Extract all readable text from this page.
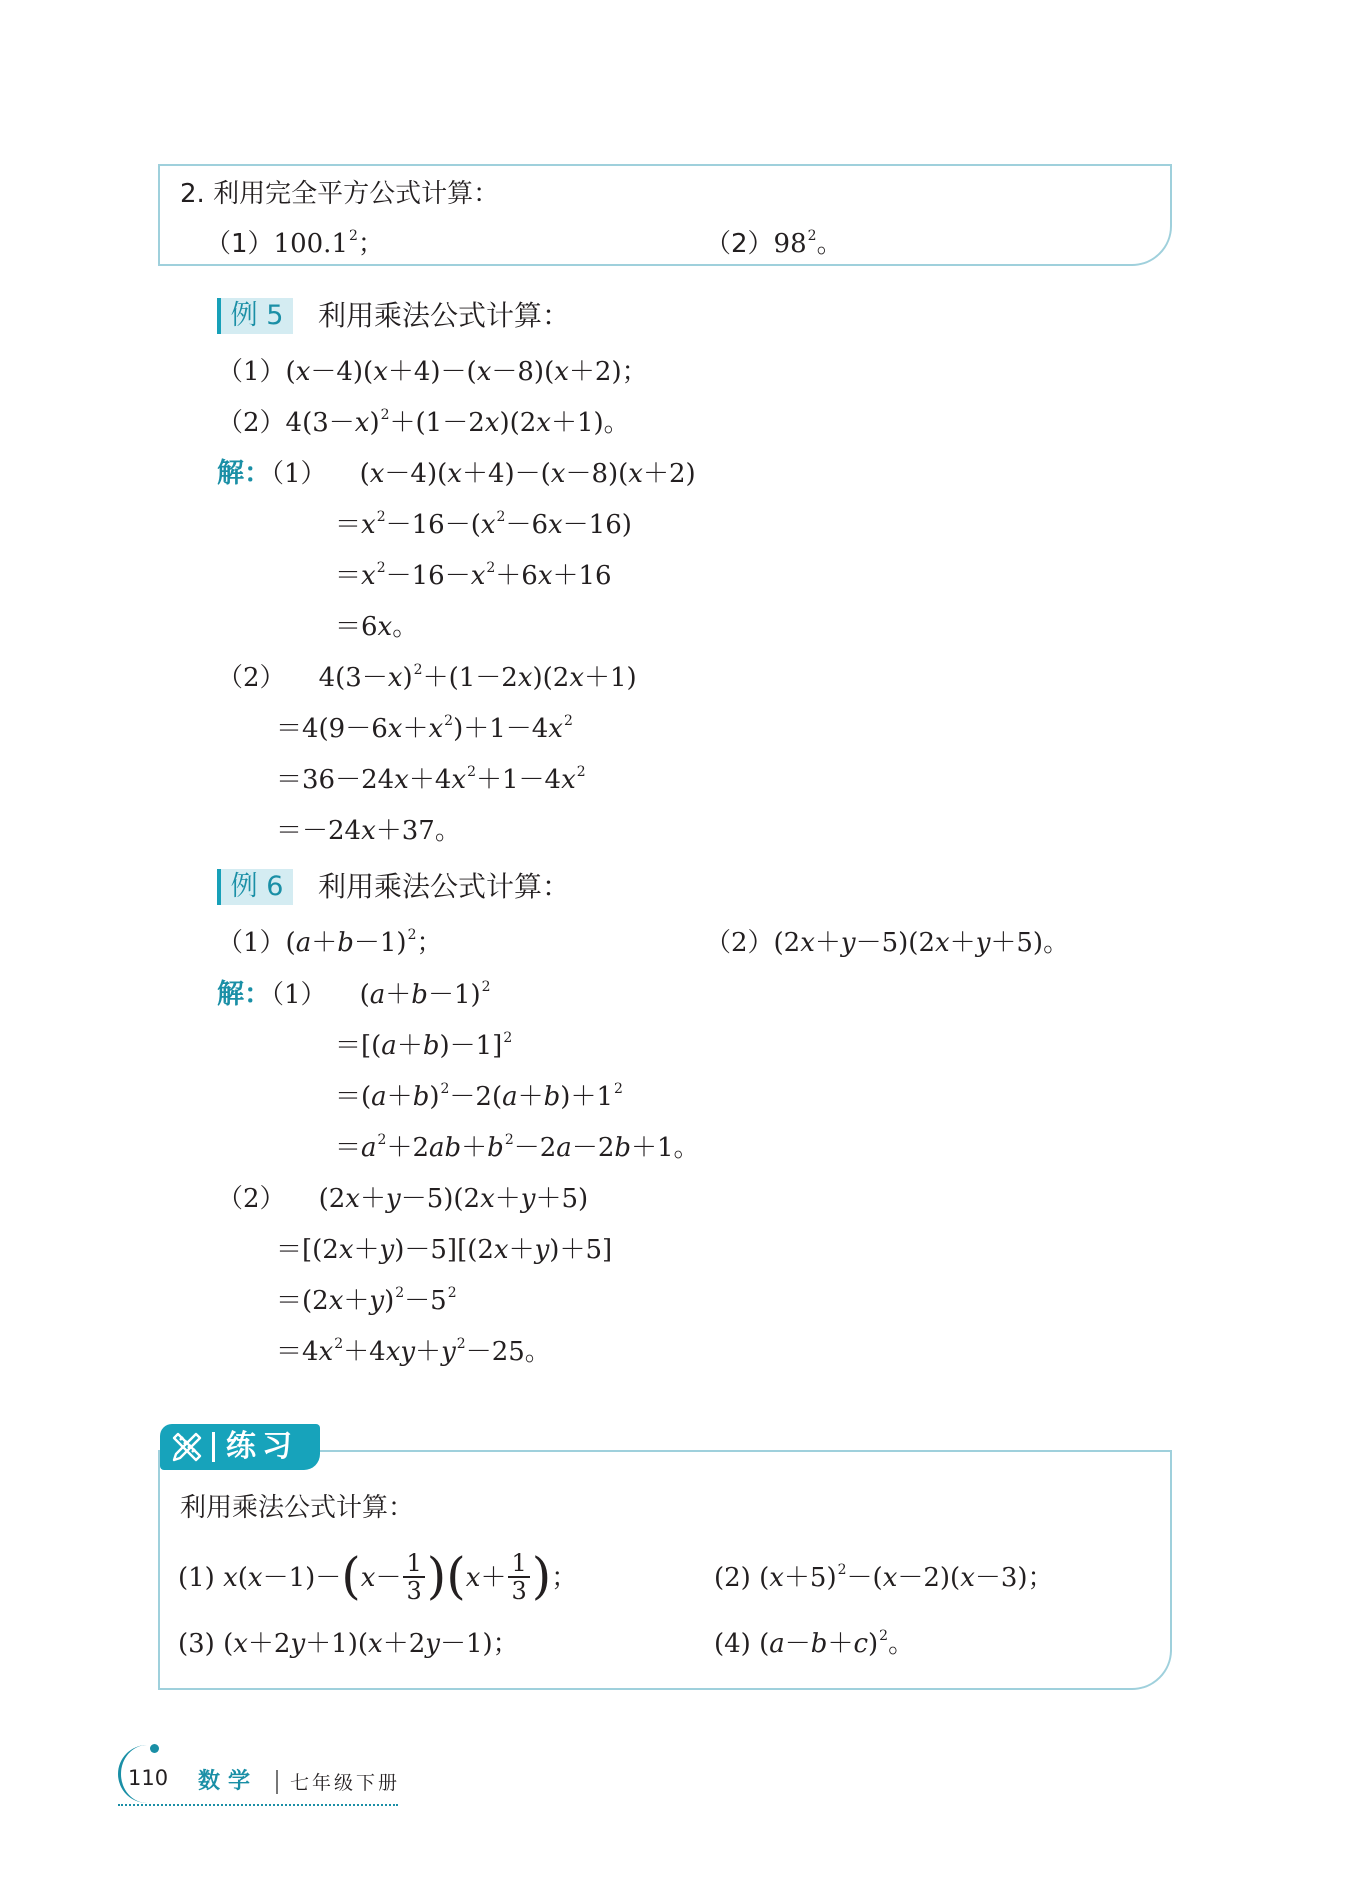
2. 利用完全平方公式计算：
（1）100.1$^2$；	$(2)98^2$。
例 5	利用乘法公式计算：
（1）(x－4)(x＋4)－(x－8)(x＋2)；
$(2)4(3-x)^2+(1-2x)(2x+1)$。
解：（1）    (x－4)(x＋4)－(x－8)(x＋2)
$=x^2-16-(x^2-6x-16)$
$=x^2-16-x^2+6x+16$
＝6x。
（2）    $4(3-x)^2+(1-2x)(2x+1)$
$=4(9-6x+x^2)+1-4x^2$
$=36-24x+4x^2+1-4x^2$
＝－24x＋37。
例 6	利用乘法公式计算：
$(1)(a+b-1)^2$；	（2）(2x＋y－5)(2x＋y＋5)。
解：（1）    $(a+b-1)^2$
$=[(a+b)-1]^2$
$=(a+b)^2-2(a+b)+1^2$
$=a^2+2ab+b^2-2a-2b+1$。
（2）    (2x＋y－5)(2x＋y＋5)
＝[(2x＋y)－5][(2x＋y)＋5]
$=(2x+y)^2-5^2$
$=4x^2+4xy+y^2-25$。
练习
利用乘法公式计算：
(1) $x(x-1)-(x- \frac{1}{3} )(x+ \frac{1}{3}$ )；	(2) $(x+5)^2-(x-2)(x-3)$；
(3) (x＋2y＋1)(x＋2y－1)；	(4) $(a-b+c)^2$。
110 数学 七年级下册
